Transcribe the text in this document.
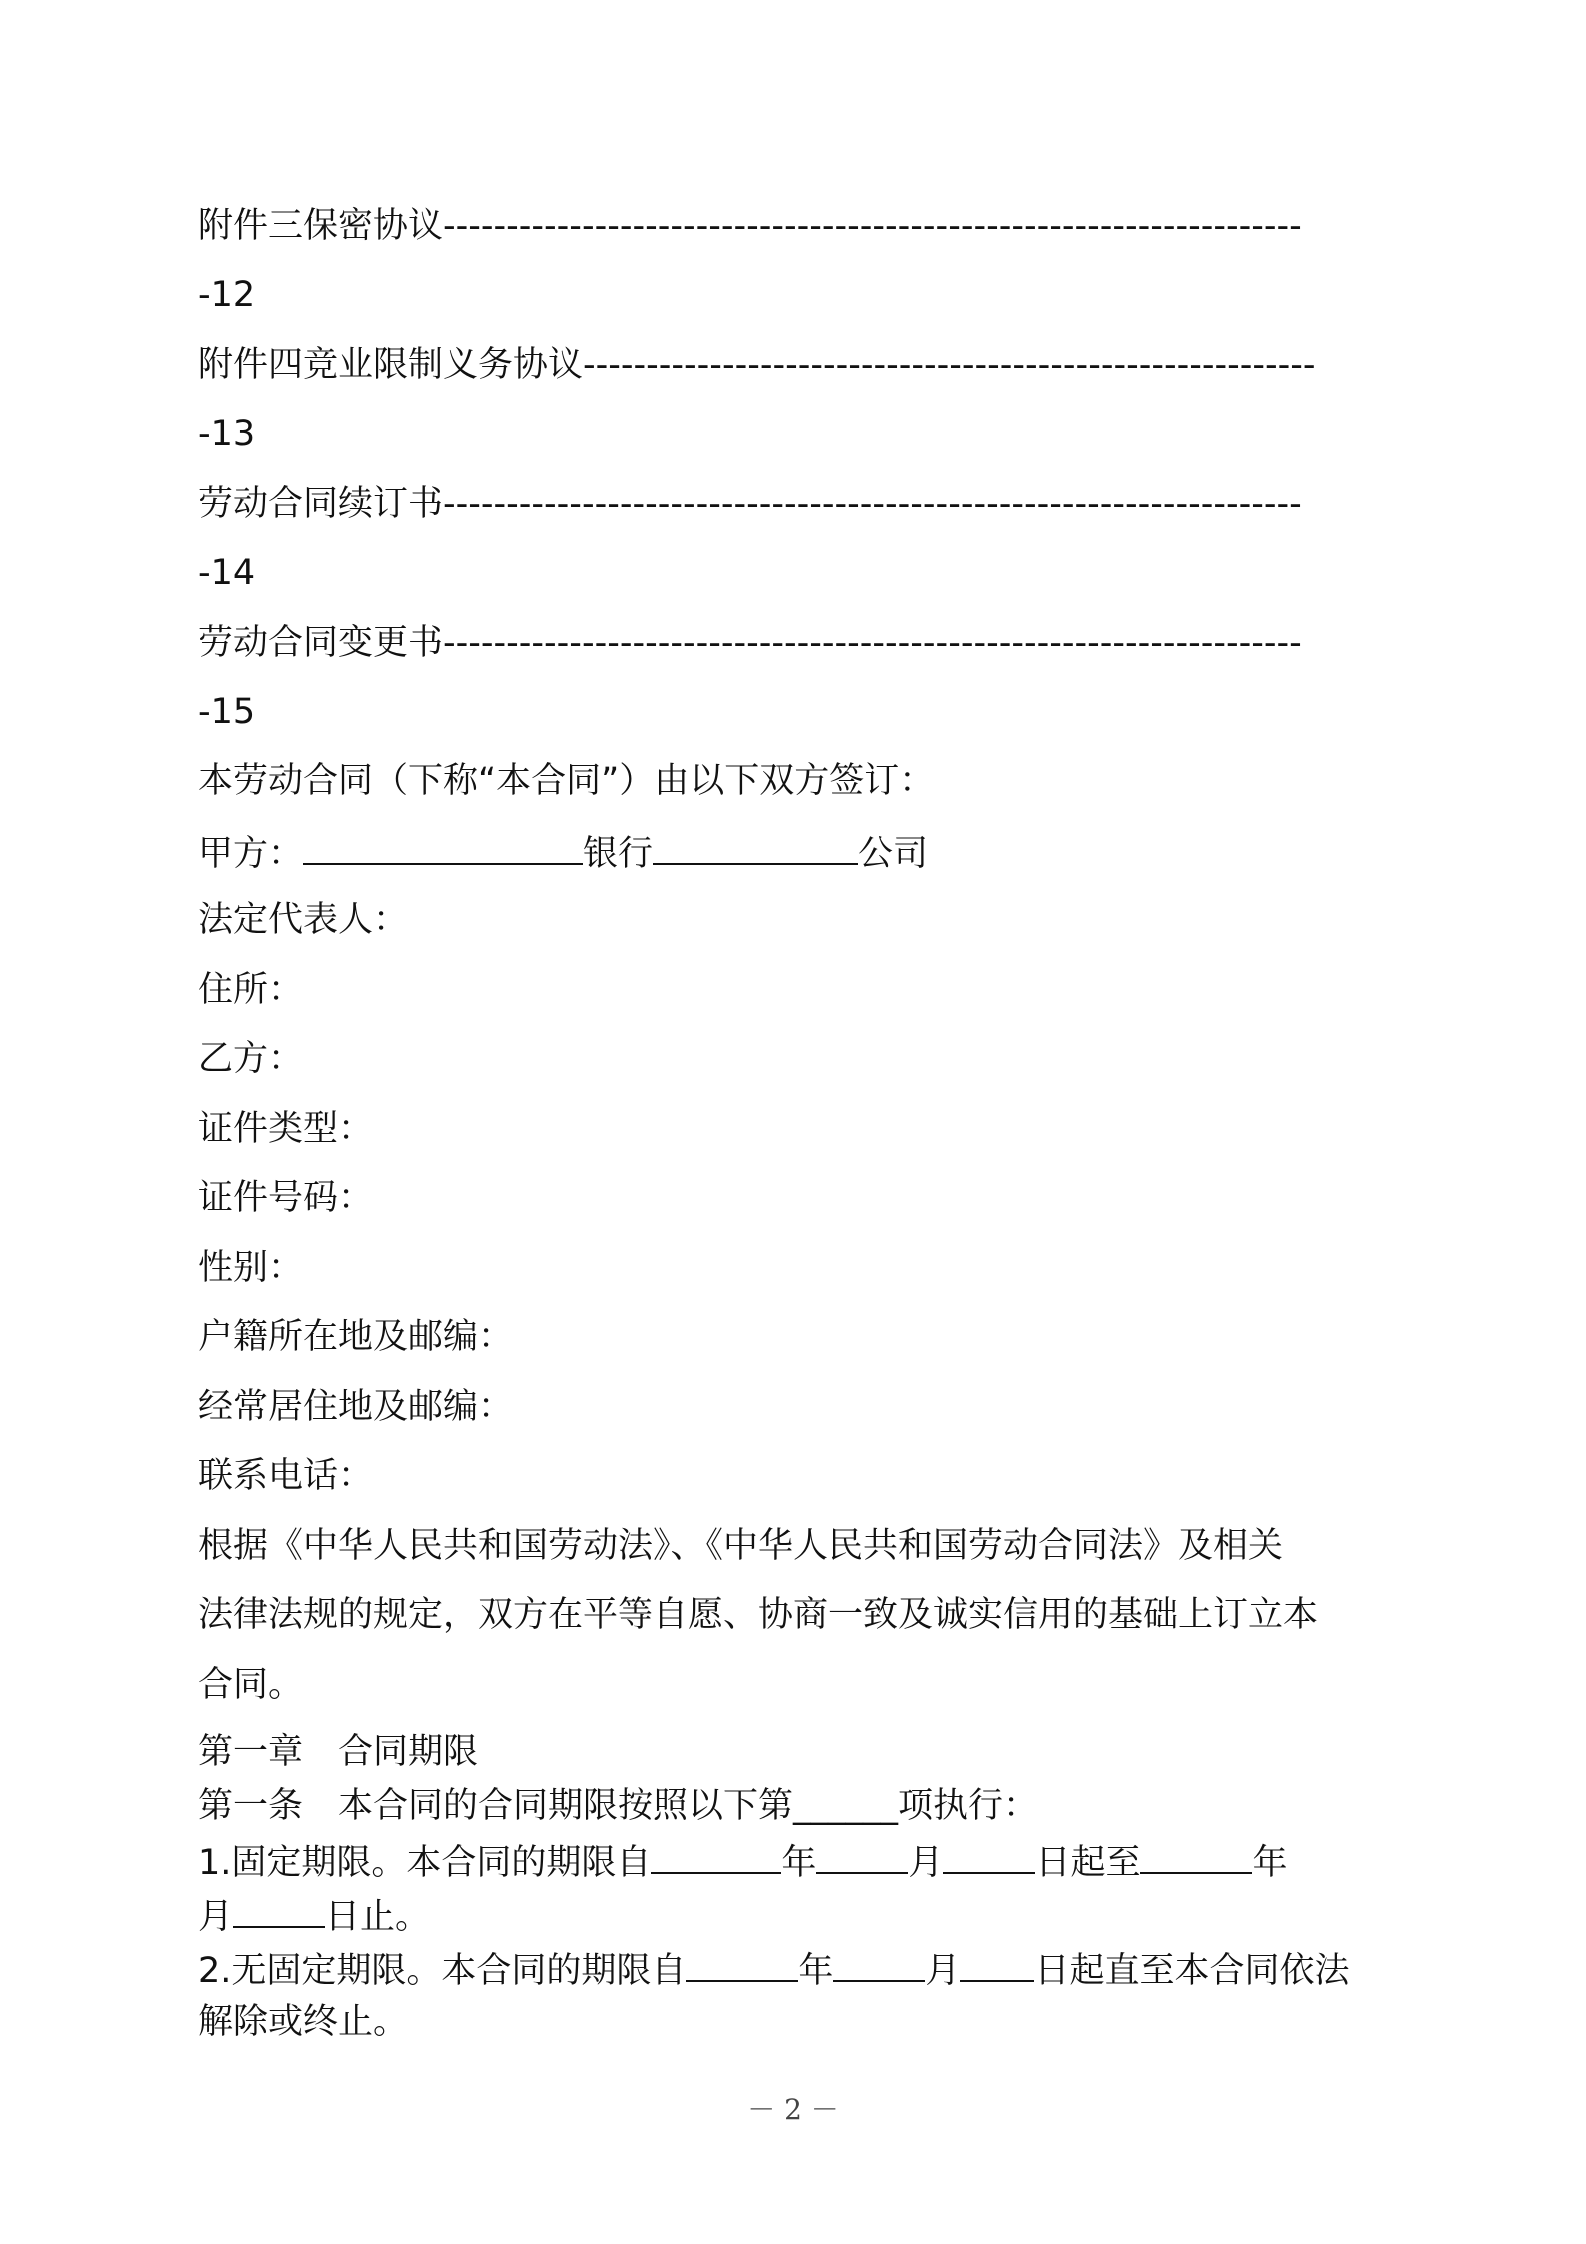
附件三保密协议--------------------------------------------------------------------
-12
附件四竞业限制义务协议----------------------------------------------------------
-13
劳动合同续订书--------------------------------------------------------------------
-14
劳动合同变更书--------------------------------------------------------------------
-15
本劳动合同（下称“本合同”）由以下双方签订：
甲方：	银行	公司
法定代表人：
住所：
乙方：
证件类型：
证件号码：
性别：
户籍所在地及邮编：
经常居住地及邮编：
联系电话：
根据《中华人民共和国劳动法》、《中华人民共和国劳动合同法》及相关
法律法规的规定，双方在平等自愿、协商一致及诚实信用的基础上订立本
合同。
第一章　合同期限
第一条　本合同的合同期限按照以下第______项执行：
1.固定期限。本合同的期限自	年	月	日起至	年
月	日止。
2.无固定期限。本合同的期限自	年	月 日起直至本合同依法
解除或终止。
－ 2 －
